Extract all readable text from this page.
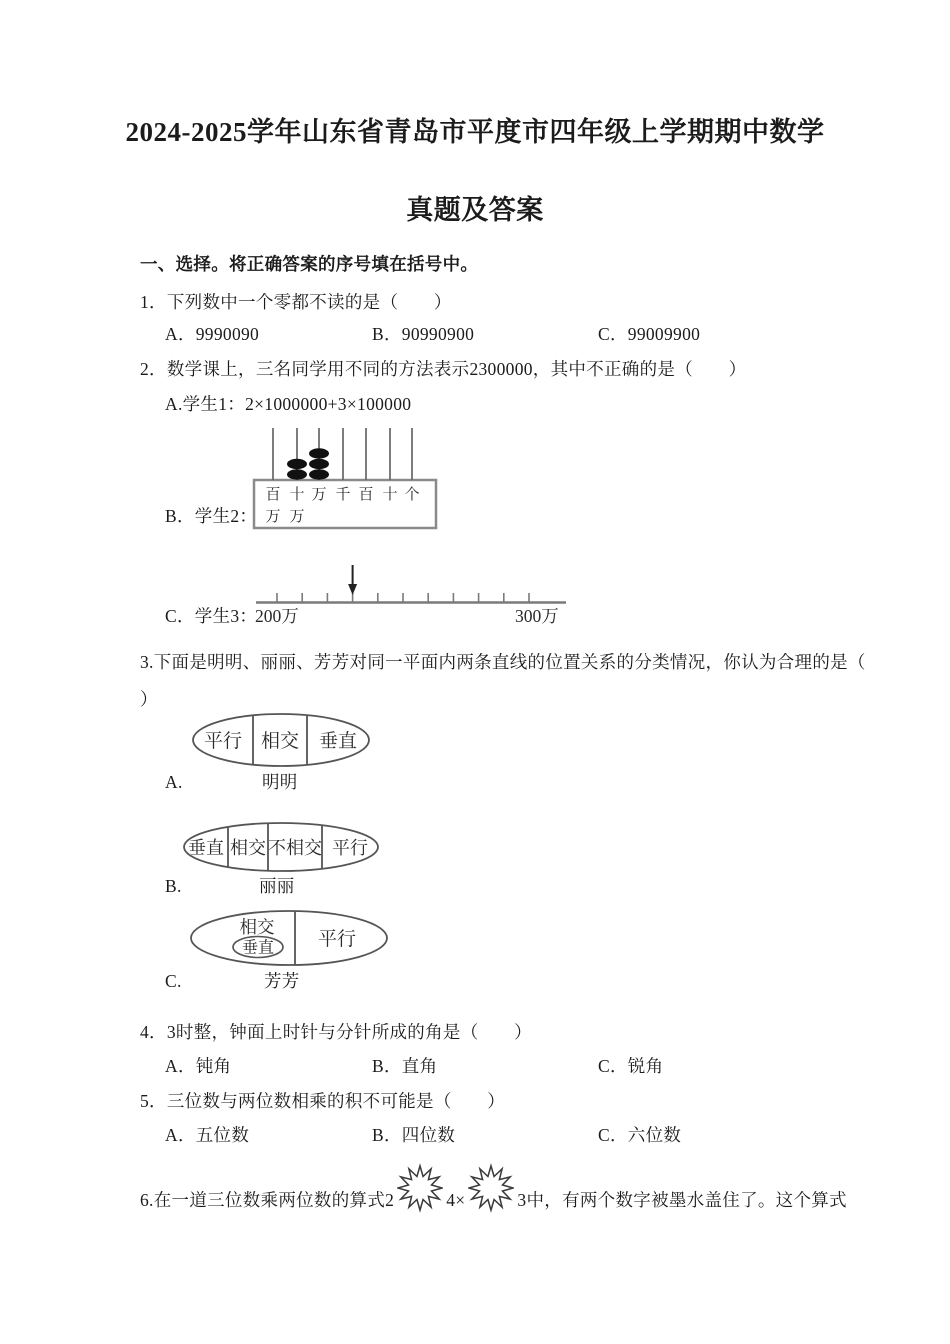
2024-2025学年山东省青岛市平度市四年级上学期期中数学
真题及答案
一、选择。将正确答案的序号填在括号中。
1．下列数中一个零都不读的是（　　）
A．9990090	B．90990900	C．99009900
2．数学课上，三名同学用不同的方法表示2300000，其中不正确的是（　　）
A.学生1：2×1000000+3×100000
百
万
十
万
万 千 百 十 个
B．学生2：
200万	300万
C．学生3：
3.下面是明明、丽丽、芳芳对同一平面内两条直线的位置关系的分类情况，你认为合理的是（
）
平行 相交 垂直
A.	明明
垂直 相交 不相交 平行
B.	丽丽
相交
垂直 平行
C.	芳芳
4．3时整，钟面上时针与分针所成的角是（　　）
A．钝角	B．直角	C．锐角
5．三位数与两位数相乘的积不可能是（　　）
A．五位数	B．四位数	C．六位数
6.在一道三位数乘两位数的算式2	4×	3中，有两个数字被墨水盖住了。这个算式
